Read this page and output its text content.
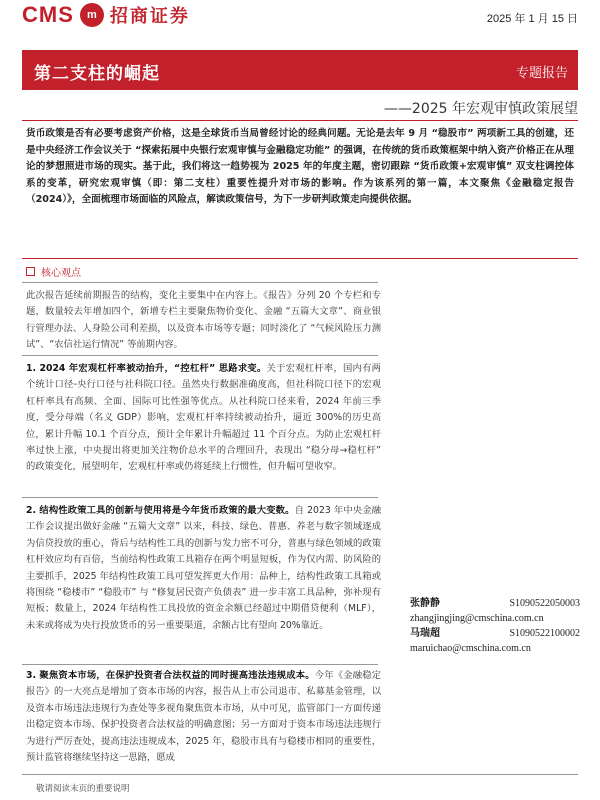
CMS	m 招商证券	2025 年 1 月 15 日
第二支柱的崛起	专题报告
——2025 年宏观审慎政策展望
货币政策是否有必要考虑资产价格，这是全球货币当局曾经讨论的经典问题。无论是去年 9 月 “稳股市” 两项新工具的创建，还是中央经济工作会议关于 “探索拓展中央银行宏观审慎与金融稳定功能” 的强调，在传统的货币政策框架中纳入资产价格正在从理论的梦想照进市场的现实。基于此，我们将这一趋势视为 2025 年的年度主题，密切跟踪 “货币政策+宏观审慎” 双支柱调控体系的变革，研究宏观审慎（即：第二支柱）重要性提升对市场的影响。作为该系列的第一篇，本文聚焦《金融稳定报告（2024）》，全面梳理市场面临的风险点，解读政策信号，为下一步研判政策走向提供依据。
核心观点
此次报告延续前期报告的结构，变化主要集中在内容上。《报告》分列 20 个专栏和专题，数量较去年增加四个，新增专栏主要聚焦物价变化、金融 “五篇大文章”、商业银行管理办法、人身险公司利差损，以及资本市场等专题；同时淡化了 “气候风险压力测试”、“农信社运行情况” 等前期内容。
1. 2024 年宏观杠杆率被动抬升，“控杠杆” 思路求变。关于宏观杠杆率，国内有两个统计口径-央行口径与社科院口径。虽然央行数据准确度高，但社科院口径下的宏观杠杆率具有高频、全面、国际可比性强等优点。从社科院口径来看，2024 年前三季度，受分母端（名义 GDP）影响，宏观杠杆率持续被动抬升，逼近 300%的历史高位，累计升幅 10.1 个百分点，预计全年累计升幅超过 11 个百分点。为防止宏观杠杆率过快上涨，中央提出将更加关注物价总水平的合理回升，表现出 “稳分母→稳杠杆” 的政策变化，展望明年，宏观杠杆率或仍将延续上行惯性，但升幅可望收窄。
2. 结构性政策工具的创新与使用将是今年货币政策的最大变数。自 2023 年中央金融工作会议提出做好金融 “五篇大文章” 以来，科技、绿色、普惠、养老与数字领域逐成为信贷投放的重心，背后与结构性工具的创新与发力密不可分，普惠与绿色领域的政策杠杆效应均有百倍，当前结构性政策工具箱存在两个明显短板，作为仅内需、防风险的主要抓手，2025 年结构性政策工具可望发挥更大作用：品种上，结构性政策工具箱或将围绕 “稳楼市” “稳股市” 与 “修复居民资产负债表” 进一步丰富工具品种，弥补现有短板；数量上，2024 年结构性工具投放的资金余额已经超过中期借贷便利（MLF），未来或将成为央行投放货币的另一重要渠道，余额占比有望向 20%靠近。
3. 聚焦资本市场，在保护投资者合法权益的同时提高违法违规成本。今年《金融稳定报告》的一大亮点是增加了资本市场的内容，报告从上市公司退市、私募基金管理，以及资本市场违法违规行为查处等多视角聚焦资本市场，从中可见，监管部门一方面传递出稳定资本市场、保护投资者合法权益的明确意图；另一方面对于资本市场违法违规行为进行严厉查处，提高违法违规成本，2025 年，稳股市具有与稳楼市相同的重要性，预计监管将继续坚持这一思路，愿成
张静静	S1090522050003
zhangjingjing@cmschina.com.cn
马瑞超	S1090522100002
maruichao@cmschina.com.cn
敬请阅读末页的重要说明
